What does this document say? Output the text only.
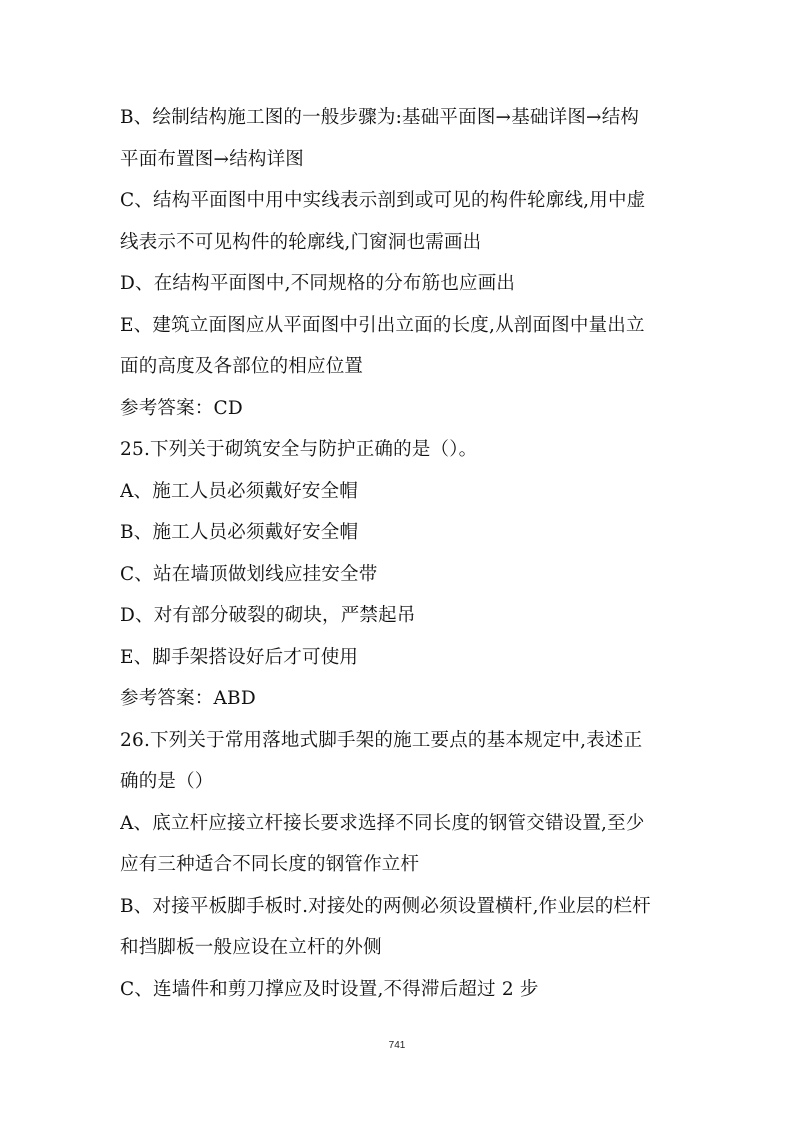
B、绘制结构施工图的一般步骤为:基础平面图→基础详图→结构
平面布置图→结构详图
C、结构平面图中用中实线表示剖到或可见的构件轮廓线,用中虚
线表示不可见构件的轮廓线,门窗洞也需画出
D、在结构平面图中,不同规格的分布筋也应画出
E、建筑立面图应从平面图中引出立面的长度,从剖面图中量出立
面的高度及各部位的相应位置
参考答案：CD
25.下列关于砌筑安全与防护正确的是（）。
A、施工人员必须戴好安全帽
B、施工人员必须戴好安全帽
C、站在墙顶做划线应挂安全带
D、对有部分破裂的砌块，严禁起吊
E、脚手架搭设好后才可使用
参考答案：ABD
26.下列关于常用落地式脚手架的施工要点的基本规定中,表述正
确的是（）
A、底立杆应接立杆接长要求选择不同长度的钢管交错设置,至少
应有三种适合不同长度的钢管作立杆
B、对接平板脚手板时.对接处的两侧必须设置横杆,作业层的栏杆
和挡脚板一般应设在立杆的外侧
C、连墙件和剪刀撑应及时设置,不得滞后超过 2 步
741
